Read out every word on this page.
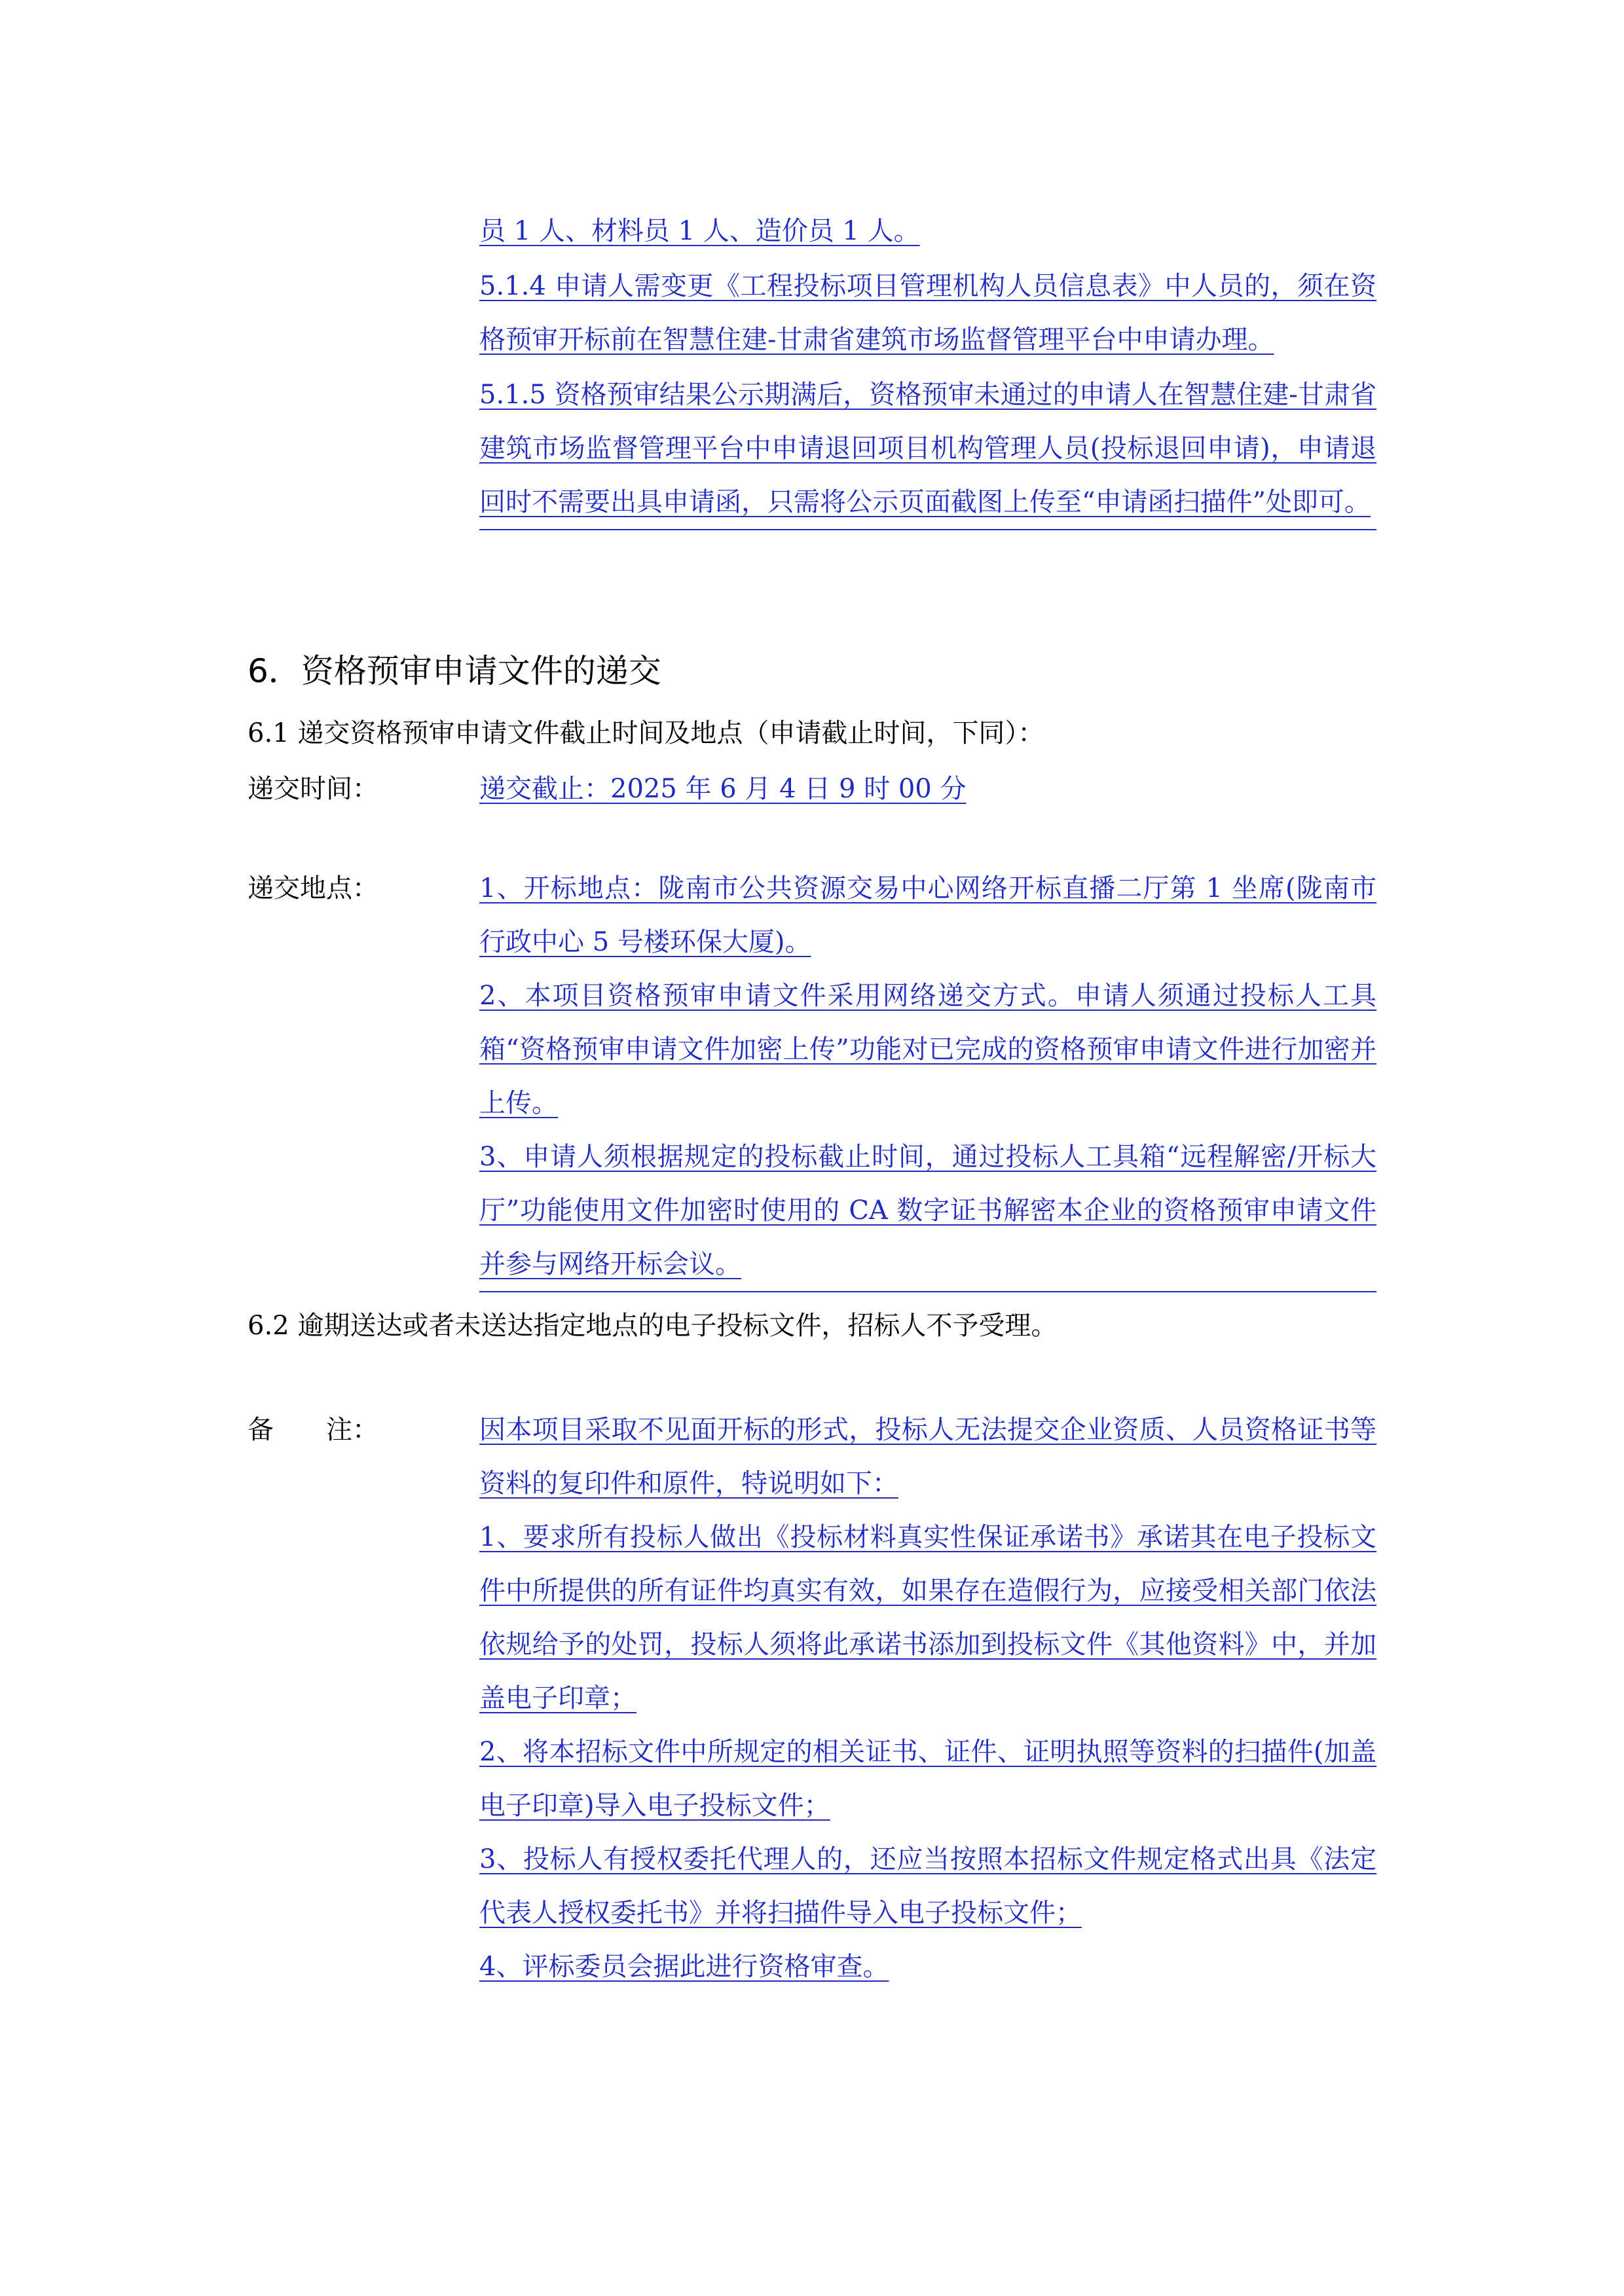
员 1 人、材料员 1 人、造价员 1 人。

5.1.4 申请人需变更《工程投标项目管理机构人员信息表》中人员的，须在资格预审开标前在智慧住建-甘肃省建筑市场监督管理平台中申请办理。

5.1.5 资格预审结果公示期满后，资格预审未通过的申请人在智慧住建-甘肃省建筑市场监督管理平台中申请退回项目机构管理人员(投标退回申请)，申请退回时不需要出具申请函，只需将公示页面截图上传至“申请函扫描件”处即可。

6．资格预审申请文件的递交
6.1 递交资格预审申请文件截止时间及地点（申请截止时间，下同）：
递交时间：	递交截止：2025 年 6 月 4 日 9 时 00 分

递交地点：	1、开标地点：陇南市公共资源交易中心网络开标直播二厅第 1 坐席(陇南市行政中心 5 号楼环保大厦)。

2、本项目资格预审申请文件采用网络递交方式。申请人须通过投标人工具箱“资格预审申请文件加密上传”功能对已完成的资格预审申请文件进行加密并上传。

3、申请人须根据规定的投标截止时间，通过投标人工具箱“远程解密/开标大厅”功能使用文件加密时使用的 CA 数字证书解密本企业的资格预审申请文件并参与网络开标会议。

6.2 逾期送达或者未送达指定地点的电子投标文件，招标人不予受理。
备　　注：	因本项目采取不见面开标的形式，投标人无法提交企业资质、人员资格证书等资料的复印件和原件，特说明如下：

1、要求所有投标人做出《投标材料真实性保证承诺书》承诺其在电子投标文件中所提供的所有证件均真实有效，如果存在造假行为，应接受相关部门依法依规给予的处罚，投标人须将此承诺书添加到投标文件《其他资料》中，并加盖电子印章；

2、将本招标文件中所规定的相关证书、证件、证明执照等资料的扫描件(加盖电子印章)导入电子投标文件；

3、投标人有授权委托代理人的，还应当按照本招标文件规定格式出具《法定代表人授权委托书》并将扫描件导入电子投标文件；

4、评标委员会据此进行资格审查。
